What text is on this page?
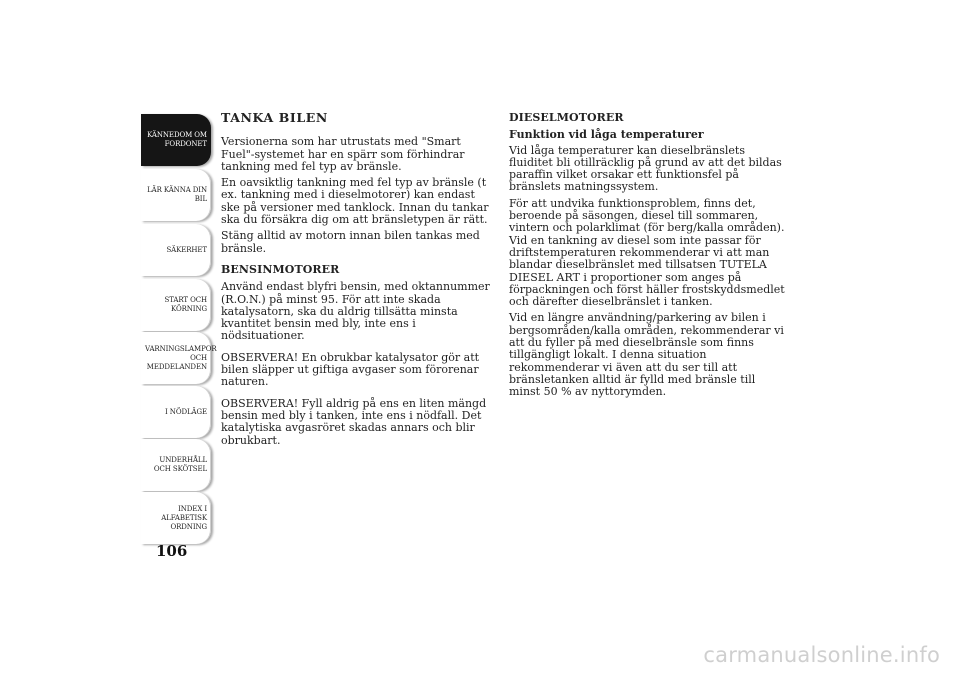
KÄNNEDOM OM FORDONET
LÄR KÄNNA DIN BIL
SÄKERHET
START OCH KÖRNING
VARNINGSLAMPOR OCH MEDDELANDEN
I NÖDLÄGE
UNDERHÅLL OCH SKÖTSEL
INDEX I ALFABETISK ORDNING
106
TANKA BILEN

Versionerna som har utrustats med "Smart Fuel"-systemet har en spärr som förhindrar tankning med fel typ av bränsle.

En oavsiktlig tankning med fel typ av bränsle (t ex. tankning med i dieselmotorer) kan endast ske på versioner med tanklock. Innan du tankar ska du försäkra dig om att bränsletypen är rätt.

Stäng alltid av motorn innan bilen tankas med bränsle.

BENSINMOTORER

Använd endast blyfri bensin, med oktannummer (R.O.N.) på minst 95. För att inte skada katalysatorn, ska du aldrig tillsätta minsta kvantitet bensin med bly, inte ens i nödsituationer.

OBSERVERA! En obrukbar katalysator gör att bilen släpper ut giftiga avgaser som förorenar naturen.

OBSERVERA! Fyll aldrig på ens en liten mängd bensin med bly i tanken, inte ens i nödfall. Det katalytiska avgasröret skadas annars och blir obrukbart.

DIESELMOTORER
Funktion vid låga temperaturer

Vid låga temperaturer kan dieselbränslets fluiditet bli otillräcklig på grund av att det bildas paraffin vilket orsakar ett funktionsfel på bränslets matningssystem.

För att undvika funktionsproblem, finns det, beroende på säsongen, diesel till sommaren, vintern och polarklimat (för berg/kalla områden). Vid en tankning av diesel som inte passar för driftstemperaturen rekommenderar vi att man blandar dieselbränslet med tillsatsen TUTELA DIESEL ART i proportioner som anges på förpackningen och först häller frostskyddsmedlet och därefter dieselbränslet i tanken.

Vid en längre användning/parkering av bilen i bergsområden/kalla områden, rekommenderar vi att du fyller på med dieselbränsle som finns tillgängligt lokalt. I denna situation rekommenderar vi även att du ser till att bränsletanken alltid är fylld med bränsle till minst 50 % av nyttorymden.

carmanualsonline.info
